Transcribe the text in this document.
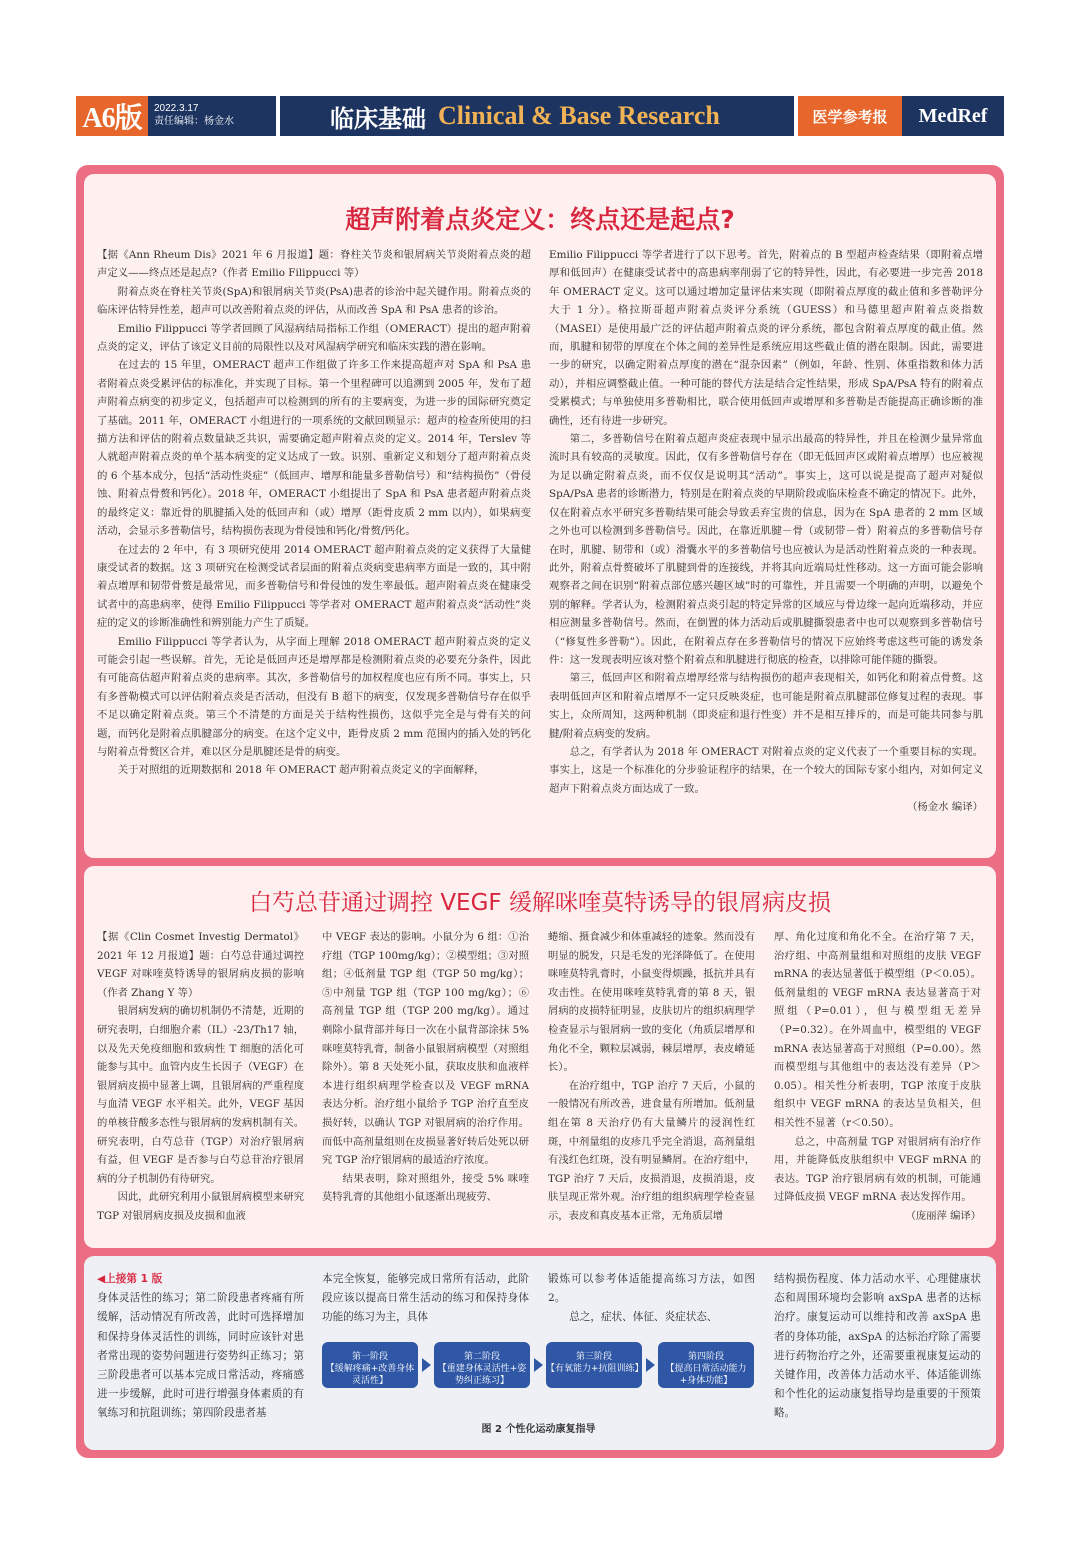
A6版	2022.3.17
责任编辑：杨金水	临床基础 Clinical & Base Research	医学参考报	MedRef
超声附着点炎定义：终点还是起点?

【据《Ann Rheum Dis》2021 年 6 月报道】题：脊柱关节炎和银屑病关节炎附着点炎的超声定义——终点还是起点?（作者 Emilio Filippucci 等）

附着点炎在脊柱关节炎(SpA)和银屑病关节炎(PsA)患者的诊治中起关键作用。附着点炎的临床评估特异性差，超声可以改善附着点炎的评估，从而改善 SpA 和 PsA 患者的诊治。

Emilio Filippucci 等学者回顾了风湿病结局指标工作组（OMERACT）提出的超声附着点炎的定义，评估了该定义目前的局限性以及对风湿病学研究和临床实践的潜在影响。

在过去的 15 年里，OMERACT 超声工作组做了许多工作来提高超声对 SpA 和 PsA 患者附着点炎受累评估的标准化，并实现了目标。第一个里程碑可以追溯到 2005 年，发布了超声附着点病变的初步定义，包括超声可以检测到的所有的主要病变，为进一步的国际研究奠定了基础。2011 年，OMERACT 小组进行的一项系统的文献回顾显示：超声的检查所使用的扫描方法和评估的附着点数量缺乏共识，需要确定超声附着点炎的定义。2014 年，Terslev 等人就超声附着点炎的单个基本病变的定义达成了一致。识别、重新定义和划分了超声附着点炎的 6 个基本成分，包括“活动性炎症”（低回声、增厚和能量多普勒信号）和“结构损伤”（骨侵蚀、附着点骨赘和钙化）。2018 年，OMERACT 小组提出了 SpA 和 PsA 患者超声附着点炎的最终定义：靠近骨的肌腱插入处的低回声和（或）增厚（距骨皮质 2 mm 以内），如果病变活动，会显示多普勒信号，结构损伤表现为骨侵蚀和钙化/骨赘/钙化。

在过去的 2 年中，有 3 项研究使用 2014 OMERACT 超声附着点炎的定义获得了大量健康受试者的数据。这 3 项研究在检测受试者层面的附着点炎病变患病率方面是一致的，其中附着点增厚和韧带骨赘是最常见，而多普勒信号和骨侵蚀的发生率最低。超声附着点炎在健康受试者中的高患病率，使得 Emilio Filippucci 等学者对 OMERACT 超声附着点炎“活动性”炎症的定义的诊断准确性和辨别能力产生了质疑。

Emilio Filippucci 等学者认为，从字面上理解 2018 OMERACT 超声附着点炎的定义可能会引起一些误解。首先，无论是低回声还是增厚都是检测附着点炎的必要充分条件，因此有可能高估超声附着点炎的患病率。其次，多普勒信号的加权程度也应有所不同。事实上，只有多普勒模式可以评估附着点炎是否活动，但没有 B 超下的病变，仅发现多普勒信号存在似乎不足以确定附着点炎。第三个不清楚的方面是关于结构性损伤，这似乎完全是与骨有关的问题，而钙化是附着点肌腱部分的病变。在这个定义中，距骨皮质 2 mm 范围内的插入处的钙化与附着点骨赘区合并，难以区分是肌腱还是骨的病变。

关于对照组的近期数据和 2018 年 OMERACT 超声附着点炎定义的字面解释，

Emilio Filippucci 等学者进行了以下思考。首先，附着点的 B 型超声检查结果（即附着点增厚和低回声）在健康受试者中的高患病率削弱了它的特异性，因此，有必要进一步完善 2018 年 OMERACT 定义。这可以通过增加定量评估来实现（即附着点厚度的截止值和多普勒评分大于 1 分）。格拉斯哥超声附着点炎评分系统（GUESS）和马德里超声附着点炎指数（MASEI）是使用最广泛的评估超声附着点炎的评分系统，都包含附着点厚度的截止值。然而，肌腱和韧带的厚度在个体之间的差异性是系统应用这些截止值的潜在限制。因此，需要进一步的研究，以确定附着点厚度的潜在“混杂因素”（例如，年龄、性别、体重指数和体力活动），并相应调整截止值。一种可能的替代方法是结合定性结果，形成 SpA/PsA 特有的附着点受累模式；与单独使用多普勒相比，联合使用低回声或增厚和多普勒是否能提高正确诊断的准确性，还有待进一步研究。

第二，多普勒信号在附着点超声炎症表现中显示出最高的特异性，并且在检测少量异常血流时具有较高的灵敏度。因此，仅有多普勒信号存在（即无低回声区或附着点增厚）也应被视为足以确定附着点炎，而不仅仅是说明其“活动”。事实上，这可以说是提高了超声对疑似 SpA/PsA 患者的诊断潜力，特别是在附着点炎的早期阶段或临床检查不确定的情况下。此外，仅在附着点水平研究多普勒结果可能会导致丢弃宝贵的信息，因为在 SpA 患者的 2 mm 区域之外也可以检测到多普勒信号。因此，在靠近肌腱－骨（或韧带－骨）附着点的多普勒信号存在时，肌腱、韧带和（或）滑囊水平的多普勒信号也应被认为是活动性附着点炎的一种表现。此外，附着点骨赘破坏了肌腱到骨的连接线，并将其向近端局灶性移动。这一方面可能会影响观察者之间在识别“附着点部位感兴趣区域”时的可靠性，并且需要一个明确的声明，以避免个别的解释。学者认为，检测附着点炎引起的特定异常的区域应与骨边缘一起向近端移动，并应相应测量多普勒信号。然而，在倒置的体力活动后或肌腱撕裂患者中也可以观察到多普勒信号（“修复性多普勒”）。因此，在附着点存在多普勒信号的情况下应始终考虑这些可能的诱发条件：这一发现表明应该对整个附着点和肌腱进行彻底的检查，以排除可能伴随的撕裂。

第三，低回声区和附着点增厚经常与结构损伤的超声表现相关，如钙化和附着点骨赘。这表明低回声区和附着点增厚不一定只反映炎症，也可能是附着点肌腱部位修复过程的表现。事实上，众所周知，这两种机制（即炎症和退行性变）并不是相互排斥的，而是可能共同参与肌腱/附着点病变的发病。

总之，有学者认为 2018 年 OMERACT 对附着点炎的定义代表了一个重要目标的实现。事实上，这是一个标准化的分步验证程序的结果，在一个较大的国际专家小组内，对如何定义超声下附着点炎方面达成了一致。

（杨金水 编译）
白芍总苷通过调控 VEGF 缓解咪喹莫特诱导的银屑病皮损

【据《Clin Cosmet Investig Dermatol》2021 年 12 月报道】题：白芍总苷通过调控 VEGF 对咪喹莫特诱导的银屑病皮损的影响（作者 Zhang Y 等）

银屑病发病的确切机制仍不清楚，近期的研究表明，白细胞介素（IL）-23/Th17 轴，以及先天免疫细胞和致病性 T 细胞的活化可能参与其中。血管内皮生长因子（VEGF）在银屑病皮损中显著上调，且银屑病的严重程度与血清 VEGF 水平相关。此外，VEGF 基因的单核苷酸多态性与银屑病的发病机制有关。研究表明，白芍总苷（TGP）对治疗银屑病有益，但 VEGF 是否参与白芍总苷治疗银屑病的分子机制仍有待研究。

因此，此研究利用小鼠银屑病模型来研究 TGP 对银屑病皮损及皮损和血液

中 VEGF 表达的影响。小鼠分为 6 组：①治疗组（TGP 100mg/kg）；②模型组；③对照组；④低剂量 TGP 组（TGP 50 mg/kg）；⑤中剂量 TGP 组（TGP 100 mg/kg）；⑥高剂量 TGP 组（TGP 200 mg/kg）。通过剃除小鼠背部并每日一次在小鼠背部涂抹 5% 咪喹莫特乳膏，制备小鼠银屑病模型（对照组除外）。第 8 天处死小鼠，获取皮肤和血液样本进行组织病理学检查以及 VEGF mRNA 表达分析。治疗组小鼠给予 TGP 治疗直至皮损好转，以确认 TGP 对银屑病的治疗作用。而低中高剂量组则在皮损显著好转后处死以研究 TGP 治疗银屑病的最适治疗浓度。

结果表明，除对照组外，接受 5% 咪喹莫特乳膏的其他组小鼠逐渐出现疲劳、

蜷缩、摄食减少和体重减轻的迹象。然而没有明显的脱发，只是毛发的光泽降低了。在使用咪喹莫特乳膏时，小鼠变得烦躁，抵抗并具有攻击性。在使用咪喹莫特乳膏的第 8 天，银屑病的皮损特征明显，皮肤切片的组织病理学检查显示与银屑病一致的变化（角质层增厚和角化不全，颗粒层减弱，棘层增厚，表皮嵴延长）。

在治疗组中，TGP 治疗 7 天后，小鼠的一般情况有所改善，进食量有所增加。低剂量组在第 8 天治疗仍有大量鳞片的浸润性红斑，中剂量组的皮疹几乎完全消退，高剂量组有浅红色红斑，没有明显鳞屑。在治疗组中，TGP 治疗 7 天后，皮损消退，皮损消退，皮肤呈现正常外观。治疗组的组织病理学检查显示，表皮和真皮基本正常，无角质层增

厚、角化过度和角化不全。在治疗第 7 天，治疗组、中高剂量组和对照组的皮肤 VEGF mRNA 的表达显著低于模型组（P＜0.05）。低剂量组的 VEGF mRNA 表达显著高于对照组（P=0.01），但与模型组无差异（P=0.32）。在外周血中，模型组的 VEGF mRNA 表达显著高于对照组（P=0.00）。然而模型组与其他组中的表达没有差异（P＞0.05）。相关性分析表明，TGP 浓度于皮肤组织中 VEGF mRNA 的表达呈负相关，但相关性不显著（r＜0.50）。

总之，中高剂量 TGP 对银屑病有治疗作用，并能降低皮肤组织中 VEGF mRNA 的表达。TGP 治疗银屑病有效的机制，可能通过降低皮损 VEGF mRNA 表达发挥作用。

（庞丽萍 编译）
◀上接第 1 版

身体灵活性的练习；第二阶段患者疼痛有所缓解，活动情况有所改善，此时可选择增加和保持身体灵活性的训练，同时应该针对患者常出现的姿势问题进行姿势纠正练习；第三阶段患者可以基本完成日常活动，疼痛感进一步缓解，此时可进行增强身体素质的有氧练习和抗阻训练；第四阶段患者基

本完全恢复，能够完成日常所有活动，此阶段应该以提高日常生活动的练习和保持身体功能的练习为主，具体

锻炼可以参考体适能提高练习方法，如图 2。

总之，症状、体征、炎症状态、

第一阶段
【缓解疼痛+改善身体灵活性】
第二阶段
【重建身体灵活性+姿势纠正练习】
第三阶段
【有氧能力+抗阻训练】
第四阶段
【提高日常活动能力+身体功能】
图 2 个性化运动康复指导

结构损伤程度、体力活动水平、心理健康状态和周围环境均会影响 axSpA 患者的达标治疗。康复运动可以维持和改善 axSpA 患者的身体功能，axSpA 的达标治疗除了需要进行药物治疗之外，还需要重视康复运动的关键作用，改善体力活动水平、体适能训练和个性化的运动康复指导均是重要的干预策略。
